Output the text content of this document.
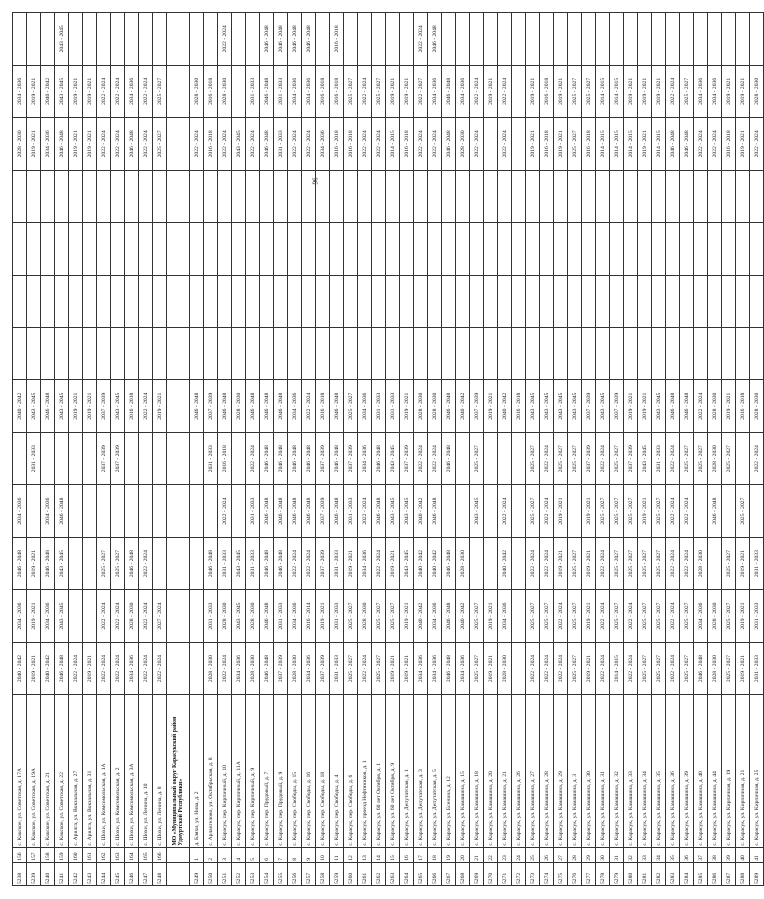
96
5238	156	с. Какское, ул. Советская, д. 17А	2040 - 2042	2034 - 2036	2046 - 2048	2034 - 2036		2040 - 2042					2028 - 2030	2034 - 2036	
5239	157	с. Какское, ул. Советская, д. 19А	2019 - 2021	2019 - 2021	2019 - 2021		2031 - 2033	2043 - 2045					2019 - 2021	2019 - 2021	
5240	158	с. Какское, ул. Советская, д. 21	2040 - 2042	2034 - 2036	2046 - 2048	2034 - 2036		2046 - 2048					2034 - 2036	2040 - 2042	
5241	159	с. Какское, ул. Советская, д. 22	2046 - 2048	2043 - 2045	2043 - 2045	2046 - 2048		2043 - 2045					2046 - 2048	2043 - 2045	2043 - 2045
5242	160	с. Арилга, ул. Вокзальная, д. 27	2022 - 2024					2019 - 2021					2019 - 2021	2019 - 2021	
5243	161	с. Арилга, ул. Вокзальная, д. 31	2019 - 2021					2019 - 2021					2019 - 2021	2019 - 2021	
5244	162	с. Шохи, ул. Комсомольская, д. 1А	2022 - 2024	2022 - 2024	2025 - 2027		2037 - 2039	2037 - 2039					2022 - 2024	2022 - 2024	
5245	163	с. Шохи, ул. Комсомольская, д. 2	2022 - 2024	2022 - 2024	2025 - 2027		2037 - 2039	2043 - 2045					2022 - 2024	2022 - 2024	
5246	164	с. Шохи, ул. Комсомольская, д. 3А	2034 - 2036	2028 - 2030	2046 - 2048			2016 - 2018					2046 - 2048	2034 - 2036	
5247	165	с. Шохи, ул. Ленина, д. 10	2022 - 2024	2022 - 2024	2022 - 2024			2022 - 2024					2022 - 2024	2022 - 2024	
5248	166	с. Шохи, ул. Ленина, д. 8	2022 - 2024	2027 - 2024				2019 - 2021					2025 - 2027	2025 - 2027	
		МО «Муниципальный округ Карасукский район Удмуртской Республики»													
5249	1	д. Бляхи, ул. Нива, д. 2						2046 - 2048					2022 - 2024	2028 - 2030	
5250	2	с. Арлангелово, ул. Октябрьская, д. 8	2028 - 2030	2031 - 2033	2046 - 2048		2031 - 2033	2037 - 2039					2016 - 2018	2016 - 2018	
5251	3	с. Карасук, пер. Кирпичный, д. 10	2022 - 2024	2028 - 2030	2031 - 2033	2022 - 2024	2016 - 2018	2046 - 2048					2022 - 2024	2028 - 2030	2022 - 2024
5252	4	с. Карасук, пер. Кирпичный, д. 11А	2034 - 2036	2043 - 2045	2043 - 2045			2028 - 2030					2043 - 2045		
5253	5	с. Карасук, пер. Кирпичный, д. 9	2028 - 2030	2028 - 2030	2031 - 2033	2031 - 2033	2022 - 2024	2046 - 2048					2022 - 2024	2031 - 2033	
5254	6	с. Карасук, пер. Прудовый, д. 7	2046 - 2048	2046 - 2048	2046 - 2048	2046 - 2048	2046 - 2048	2046 - 2048					2046 - 2048	2046 - 2048	2046 - 2048
5255	7	с. Карасук, пер. Прудовый, д. 9	2037 - 2039	2031 - 2033	2046 - 2048	2046 - 2048	2046 - 2048	2046 - 2048					2031 - 2033	2031 - 2033	2046 - 2048
5256	8	с. Карасук, пер. Свободы, д. 15	2028 - 2030	2034 - 2036	2022 - 2024	2046 - 2048	2046 - 2048	2034 - 2036					2022 - 2024	2034 - 2036	2046 - 2048
5257	9	с. Карасук, пер. Свободы, д. 16	2034 - 2036	2016 - 2014	2022 - 2024	2046 - 2048	2046 - 2048	2022 - 2024					2022 - 2024	2034 - 2036	2046 - 2048
5258	10	с. Карасук, пер. Свободы, д. 18	2037 - 2039	2019 - 2021	2037 - 2039	2037 - 2039	2037 - 2039	2016 - 2018					2034 - 2036	2016 - 2018	
5259	11	с. Карасук, пер. Свободы, д. 4	2031 - 2033	2031 - 2033	2031 - 2033	2046 - 2048	2046 - 2048	2046 - 2048					2016 - 2018	2016 - 2018	2016 - 2018
5260	12	с. Карасук, пер. Свободы, д. 6	2025 - 2027	2025 - 2027	2019 - 2021	2031 - 2033	2037 - 2039	2025 - 2027					2016 - 2018	2025 - 2027	
5261	13	с. Карасук, проезд Нефтяников, д. 1	2022 - 2024	2028 - 2030	2034 - 2036	2022 - 2024	2034 - 2036	2034 - 2036					2022 - 2024	2022 - 2024	
5262	14	с. Карасук, ул. 60 лет Октября, д. 1	2025 - 2027	2025 - 2027	2022 - 2024	2046 - 2048	2046 - 2048	2031 - 2033					2022 - 2024	2025 - 2027	
5263	15	с. Карасук, ул. 60 лет Октября, д. 9	2019 - 2021	2025 - 2027	2019 - 2021	2043 - 2045	2043 - 2045	2031 - 2033					2014 - 2015	2019 - 2021	
5264	16	с. Карасук, ул. Депутатская, д. 1	2019 - 2021	2019 - 2021	2043 - 2045	2043 - 2045	2037 - 2039	2019 - 2021					2016 - 2018	2019 - 2021	
5265	17	с. Карасук, ул. Депутатская, д. 3	2034 - 2036	2040 - 2042	2040 - 2042	2040 - 2042	2022 - 2024	2028 - 2030					2022 - 2024	2022 - 2027	2022 - 2024
5266	18	с. Карасук, ул. Депутатская, д. 5	2034 - 2036	2034 - 2036	2040 - 2042	2046 - 2048	2022 - 2024	2028 - 2030					2022 - 2024	2034 - 2036	2046 - 2048
5267	19	с. Карасук, ул. Есенина, д. 12	2046 - 2048	2046 - 2048	2046 - 2048		2046 - 2048	2046 - 2048					2046 - 2048	2046 - 2048	
5268	20	с. Карасук, ул. Камашина, д. 15	2034 - 2036	2040 - 2042	2028 - 2030			2040 - 2042					2028 - 2030	2034 - 2036	
5269	21	с. Карасук, ул. Камашина, д. 18	2025 - 2027	2025 - 2027		2043 - 2045	2025 - 2027	2037 - 2039					2022 - 2024	2022 - 2024	
5270	22	с. Карасук, ул. Камашина, д. 20	2019 - 2021	2019 - 2021				2019 - 2021						2019 - 2021	
5271	23	с. Карасук, ул. Камашина, д. 21	2028 - 2030	2034 - 2036	2040 - 2042	2022 - 2024		2040 - 2042					2022 - 2024	2022 - 2024	
5272	24	с. Карасук, ул. Камашина, д. 26						2016 - 2018							
5273	25	с. Карасук, ул. Камашина, д. 27	2022 - 2024	2025 - 2027	2022 - 2024	2025 - 2027	2025 - 2027	2043 - 2045					2019 - 2021	2019 - 2021	
5274	26	с. Карасук, ул. Камашина, д. 28	2022 - 2024	2025 - 2027	2022 - 2024	2022 - 2024	2022 - 2024	2043 - 2045					2016 - 2018	2016 - 2018	
5275	27	с. Карасук, ул. Камашина, д. 29	2022 - 2024	2022 - 2024	2019 - 2021	2019 - 2021	2025 - 2027	2043 - 2045					2019 - 2021	2019 - 2021	
5276	28	с. Карасук, ул. Камашина, д. 3	2025 - 2027	2025 - 2027	2025 - 2027		2025 - 2027	2043 - 2045					2025 - 2027	2025 - 2027	
5277	29	с. Карасук, ул. Камашина, д. 30	2019 - 2021	2019 - 2021	2019 - 2021	2019 - 2021	2037 - 2039	2037 - 2039					2016 - 2018	2025 - 2027	
5278	30	с. Карасук, ул. Камашина, д. 31	2022 - 2024	2022 - 2024	2022 - 2024	2025 - 2027	2022 - 2024	2043 - 2045					2014 - 2015	2014 - 2015	
5279	31	с. Карасук, ул. Камашина, д. 32	2014 - 2015	2025 - 2027	2025 - 2027	2025 - 2027	2025 - 2027	2037 - 2039					2014 - 2015	2014 - 2015	
5280	32	с. Карасук, ул. Камашина, д. 33	2022 - 2024	2022 - 2024	2025 - 2027	2025 - 2027	2037 - 2039	2019 - 2021					2014 - 2015	2019 - 2021	
5281	33	с. Карасук, ул. Камашина, д. 34	2025 - 2027	2025 - 2027	2025 - 2027	2019 - 2021	2043 - 2045	2019 - 2021					2019 - 2021	2019 - 2021	
5282	34	с. Карасук, ул. Камашина, д. 35	2025 - 2027	2025 - 2027	2025 - 2027	2025 - 2027	2031 - 2033	2043 - 2045					2014 - 2015	2019 - 2021	
5283	35	с. Карасук, ул. Камашина, д. 36	2022 - 2024	2022 - 2024	2022 - 2024	2022 - 2024	2022 - 2024	2046 - 2048					2046 - 2048	2022 - 2024	
5284	36	с. Карасук, ул. Камашина, д. 39	2025 - 2027	2025 - 2027	2022 - 2024	2022 - 2024	2025 - 2027	2046 - 2048					2046 - 2048	2025 - 2027	
5285	37	с. Карасук, ул. Камашина, д. 40	2046 - 2048	2034 - 2036	2028 - 2030		2025 - 2027	2022 - 2024					2022 - 2024	2034 - 2036	
5286	38	с. Карасук, ул. Камашина, д. 44	2028 - 2030	2028 - 2030		2046 - 2048	2028 - 2030	2028 - 2030					2022 - 2024	2034 - 2036	
5287	39	с. Карасук, ул. Кирпичная, д. 19	2025 - 2027	2025 - 2027	2025 - 2027		2025 - 2027	2019 - 2021					2016 - 2018	2019 - 2021	
5288	40	с. Карасук, ул. Кирпичная, д. 21	2019 - 2021	2019 - 2021	2019 - 2021	2025 - 2027		2016 - 2018					2019 - 2021	2019 - 2021	
5289	41	с. Карасук, ул. Кирпичная, д. 25	2031 - 2033	2031 - 2033	2031 - 2033		2022 - 2024	2028 - 2030					2022 - 2024	2028 - 2030	
